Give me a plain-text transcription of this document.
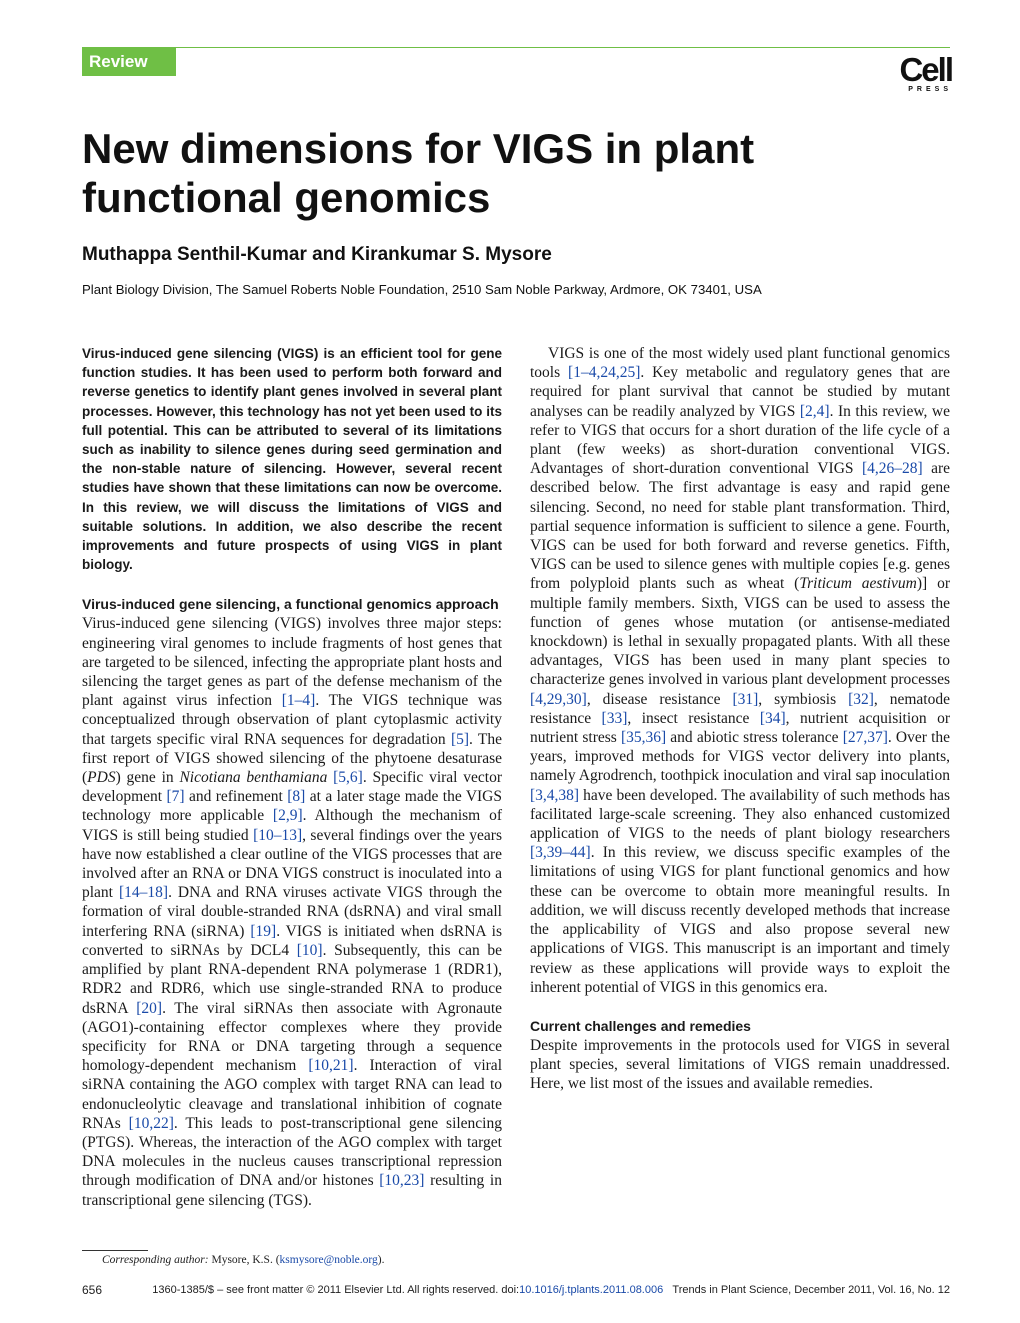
Review	Cell
PRESS
New dimensions for VIGS in plant functional genomics
Muthappa Senthil-Kumar and Kirankumar S. Mysore
Plant Biology Division, The Samuel Roberts Noble Foundation, 2510 Sam Noble Parkway, Ardmore, OK 73401, USA

Virus-induced gene silencing (VIGS) is an efficient tool for gene function studies. It has been used to perform both forward and reverse genetics to identify plant genes involved in several plant processes. However, this technology has not yet been used to its full potential. This can be attributed to several of its limitations such as inability to silence genes during seed germination and the non-stable nature of silencing. However, several recent studies have shown that these limitations can now be overcome. In this review, we will discuss the limitations of VIGS and suitable solutions. In addition, we also describe the recent improvements and future prospects of using VIGS in plant biology.

Virus-induced gene silencing, a functional genomics approach

Virus-induced gene silencing (VIGS) involves three major steps: engineering viral genomes to include fragments of host genes that are targeted to be silenced, infecting the appropriate plant hosts and silencing the target genes as part of the defense mechanism of the plant against virus infection [1–4]. The VIGS technique was conceptualized through observation of plant cytoplasmic activity that targets specific viral RNA sequences for degradation [5]. The first report of VIGS showed silencing of the phytoene desaturase (PDS) gene in Nicotiana benthamiana [5,6]. Specific viral vector development [7] and refinement [8] at a later stage made the VIGS technology more applicable [2,9]. Although the mechanism of VIGS is still being studied [10–13], several findings over the years have now established a clear outline of the VIGS processes that are involved after an RNA or DNA VIGS construct is inoculated into a plant [14–18]. DNA and RNA viruses activate VIGS through the formation of viral double-stranded RNA (dsRNA) and viral small interfering RNA (siRNA) [19]. VIGS is initiated when dsRNA is converted to siRNAs by DCL4 [10]. Subsequently, this can be amplified by plant RNA-dependent RNA polymerase 1 (RDR1), RDR2 and RDR6, which use single-stranded RNA to produce dsRNA [20]. The viral siRNAs then associate with Agronaute (AGO1)-containing effector complexes where they provide specificity for RNA or DNA targeting through a sequence homology-dependent mechanism [10,21]. Interaction of viral siRNA containing the AGO complex with target RNA can lead to endonucleolytic cleavage and translational inhibition of cognate RNAs [10,22]. This leads to post-transcriptional gene silencing (PTGS). Whereas, the interaction of the AGO complex with target DNA molecules in the nucleus causes transcriptional repression through modification of DNA and/or histones [10,23] resulting in transcriptional gene silencing (TGS).

VIGS is one of the most widely used plant functional genomics tools [1–4,24,25]. Key metabolic and regulatory genes that are required for plant survival that cannot be studied by mutant analyses can be readily analyzed by VIGS [2,4]. In this review, we refer to VIGS that occurs for a short duration of the life cycle of a plant (few weeks) as short-duration conventional VIGS. Advantages of short-duration conventional VIGS [4,26–28] are described below. The first advantage is easy and rapid gene silencing. Second, no need for stable plant transformation. Third, partial sequence information is sufficient to silence a gene. Fourth, VIGS can be used for both forward and reverse genetics. Fifth, VIGS can be used to silence genes with multiple copies [e.g. genes from polyploid plants such as wheat (Triticum aestivum)] or multiple family members. Sixth, VIGS can be used to assess the function of genes whose mutation (or antisense-mediated knockdown) is lethal in sexually propagated plants. With all these advantages, VIGS has been used in many plant species to characterize genes involved in various plant development processes [4,29,30], disease resistance [31], symbiosis [32], nematode resistance [33], insect resistance [34], nutrient acquisition or nutrient stress [35,36] and abiotic stress tolerance [27,37]. Over the years, improved methods for VIGS vector delivery into plants, namely Agrodrench, toothpick inoculation and viral sap inoculation [3,4,38] have been developed. The availability of such methods has facilitated large-scale screening. They also enhanced customized application of VIGS to the needs of plant biology researchers [3,39–44]. In this review, we discuss specific examples of the limitations of using VIGS for plant functional genomics and how these can be overcome to obtain more meaningful results. In addition, we will discuss recently developed methods that increase the applicability of VIGS and also propose several new applications of VIGS. This manuscript is an important and timely review as these applications will provide ways to exploit the inherent potential of VIGS in this genomics era.

Current challenges and remedies

Despite improvements in the protocols used for VIGS in several plant species, several limitations of VIGS remain unaddressed. Here, we list most of the issues and available remedies.

Corresponding author: Mysore, K.S. (ksmysore@noble.org).
656	1360-1385/$ – see front matter © 2011 Elsevier Ltd. All rights reserved. doi:10.1016/j.tplants.2011.08.006 Trends in Plant Science, December 2011, Vol. 16, No. 12
